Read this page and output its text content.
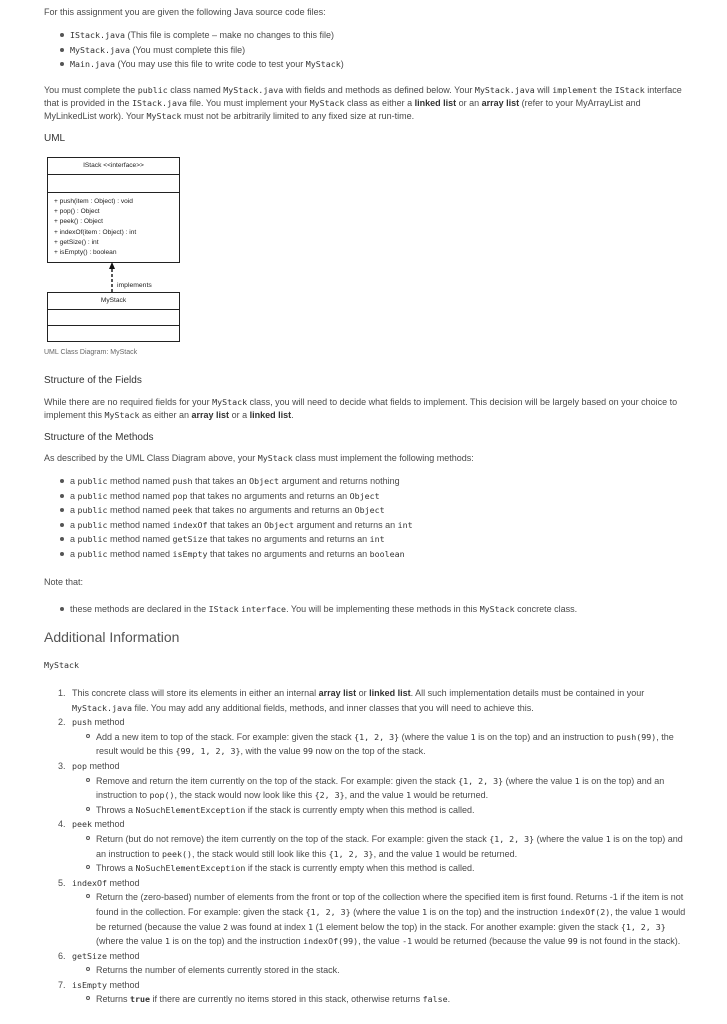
For this assignment you are given the following Java source code files:

IStack.java (This file is complete – make no changes to this file)
MyStack.java (You must complete this file)
Main.java (You may use this file to write code to test your MyStack)

You must complete the public class named MyStack.java with fields and methods as defined below. Your MyStack.java will implement the IStack interface that is provided in the IStack.java file. You must implement your MyStack class as either a linked list or an array list (refer to your MyArrayList and MyLinkedList work). Your MyStack must not be arbitrarily limited to any fixed size at run-time.

UML

IStack <<interface>>
+ push(item : Object) : void
+ pop() : Object
+ peek() : Object
+ indexOf(item : Object) : int
+ getSize() : int
+ isEmpty() : boolean
implements
MyStack
UML Class Diagram: MyStack

Structure of the Fields

While there are no required fields for your MyStack class, you will need to decide what fields to implement. This decision will be largely based on your choice to implement this MyStack as either an array list or a linked list.

Structure of the Methods

As described by the UML Class Diagram above, your MyStack class must implement the following methods:

a public method named push that takes an Object argument and returns nothing
a public method named pop that takes no arguments and returns an Object
a public method named peek that takes no arguments and returns an Object
a public method named indexOf that takes an Object argument and returns an int
a public method named getSize that takes no arguments and returns an int
a public method named isEmpty that takes no arguments and returns an boolean

Note that:

these methods are declared in the IStack interface. You will be implementing these methods in this MyStack concrete class.
Additional Information
MyStack
1. This concrete class will store its elements in either an internal array list or linked list. All such implementation details must be contained in your MyStack.java file. You may add any additional fields, methods, and inner classes that you will need to achieve this.
2. push method
Add a new item to top of the stack. For example: given the stack {1, 2, 3} (where the value 1 is on the top) and an instruction to push(99), the result would be this {99, 1, 2, 3}, with the value 99 now on the top of the stack.
3. pop method
Remove and return the item currently on the top of the stack. For example: given the stack {1, 2, 3} (where the value 1 is on the top) and an instruction to pop(), the stack would now look like this {2, 3}, and the value 1 would be returned.
Throws a NoSuchElementException if the stack is currently empty when this method is called.
4. peek method
Return (but do not remove) the item currently on the top of the stack. For example: given the stack {1, 2, 3} (where the value 1 is on the top) and an instruction to peek(), the stack would still look like this {1, 2, 3}, and the value 1 would be returned.
Throws a NoSuchElementException if the stack is currently empty when this method is called.
5. indexOf method
Return the (zero-based) number of elements from the front or top of the collection where the specified item is first found. Returns -1 if the item is not found in the collection. For example: given the stack {1, 2, 3} (where the value 1 is on the top) and the instruction indexOf(2), the value 1 would be returned (because the value 2 was found at index 1 (1 element below the top) in the stack. For another example: given the stack {1, 2, 3} (where the value 1 is on the top) and the instruction indexOf(99), the value -1 would be returned (because the value 99 is not found in the stack).
6. getSize method
Returns the number of elements currently stored in the stack.
7. isEmpty method
Returns true if there are currently no items stored in this stack, otherwise returns false.
